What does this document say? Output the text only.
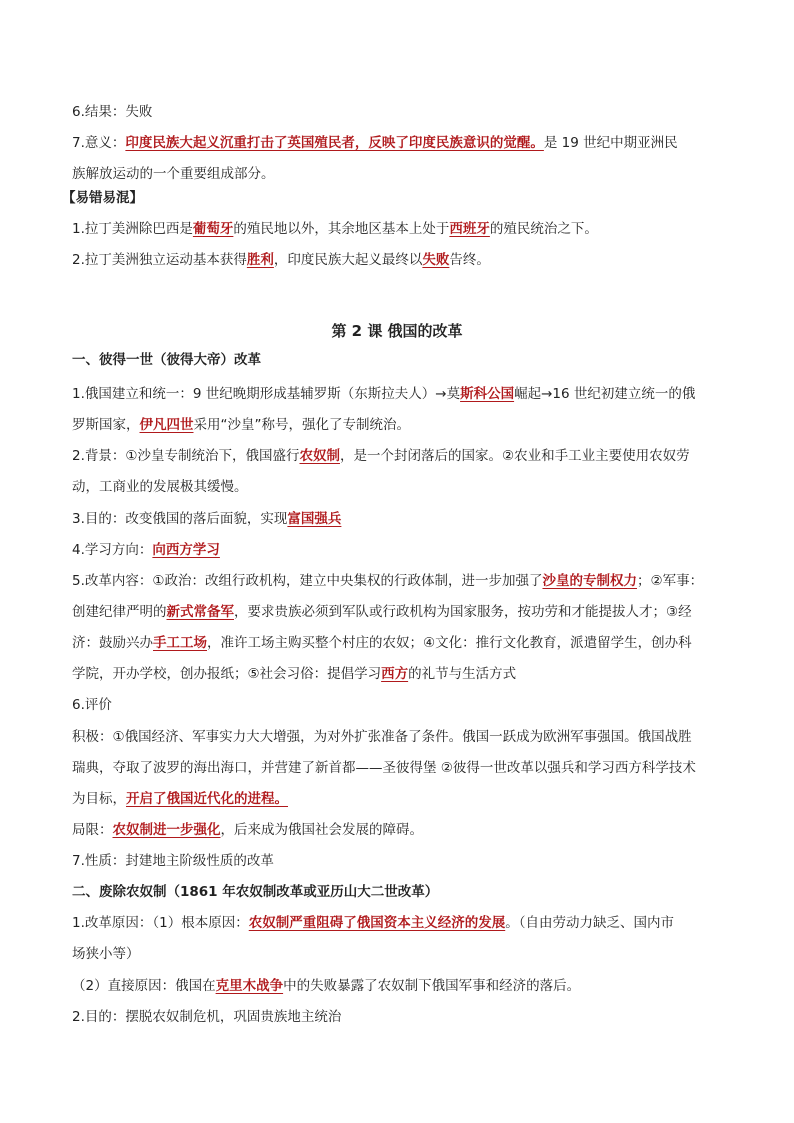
6.结果：失败
7.意义：印度民族大起义沉重打击了英国殖民者，反映了印度民族意识的觉醒。是 19 世纪中期亚洲民
族解放运动的一个重要组成部分。
【易错易混】
1.拉丁美洲除巴西是葡萄牙的殖民地以外，其余地区基本上处于西班牙的殖民统治之下。
2.拉丁美洲独立运动基本获得胜利，印度民族大起义最终以失败告终。
第 2 课 俄国的改革
一、彼得一世（彼得大帝）改革
1.俄国建立和统一：9 世纪晚期形成基辅罗斯（东斯拉夫人）→莫斯科公国崛起→16 世纪初建立统一的俄
罗斯国家，伊凡四世采用“沙皇”称号，强化了专制统治。
2.背景：①沙皇专制统治下，俄国盛行农奴制，是一个封闭落后的国家。②农业和手工业主要使用农奴劳
动，工商业的发展极其缓慢。
3.目的：改变俄国的落后面貌，实现富国强兵
4.学习方向：向西方学习
5.改革内容：①政治：改组行政机构，建立中央集权的行政体制，进一步加强了沙皇的专制权力；②军事：
创建纪律严明的新式常备军，要求贵族必须到军队或行政机构为国家服务，按功劳和才能提拔人才；③经
济：鼓励兴办手工工场，准许工场主购买整个村庄的农奴；④文化：推行文化教育，派遣留学生，创办科
学院，开办学校，创办报纸；⑤社会习俗：提倡学习西方的礼节与生活方式
6.评价
积极：①俄国经济、军事实力大大增强，为对外扩张准备了条件。俄国一跃成为欧洲军事强国。俄国战胜
瑞典，夺取了波罗的海出海口，并营建了新首都——圣彼得堡 ②彼得一世改革以强兵和学习西方科学技术
为目标，开启了俄国近代化的进程。
局限：农奴制进一步强化，后来成为俄国社会发展的障碍。
7.性质：封建地主阶级性质的改革
二、废除农奴制（1861 年农奴制改革或亚历山大二世改革）
1.改革原因：（1）根本原因：农奴制严重阻碍了俄国资本主义经济的发展。（自由劳动力缺乏、国内市
场狭小等）
（2）直接原因：俄国在克里木战争中的失败暴露了农奴制下俄国军事和经济的落后。
2.目的：摆脱农奴制危机，巩固贵族地主统治
